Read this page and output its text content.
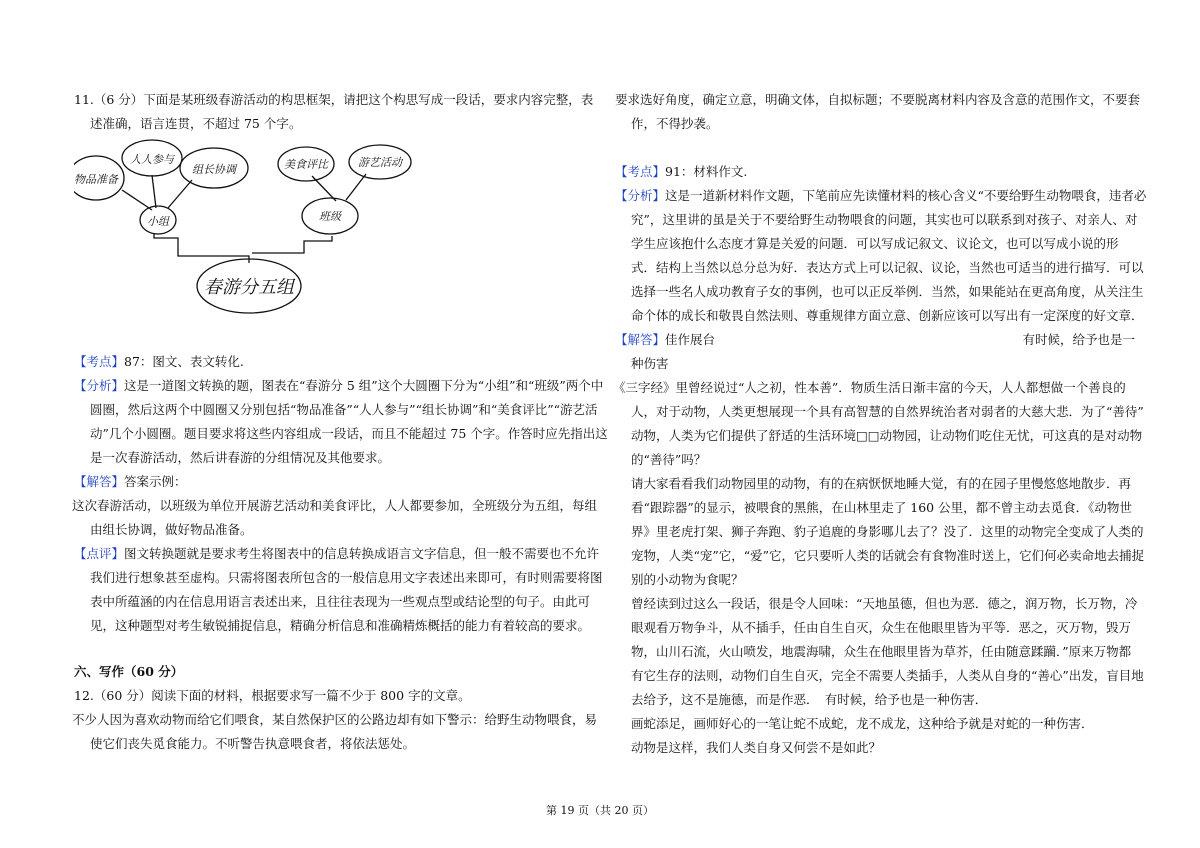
11.（6 分）下面是某班级春游活动的构思框架，请把这个构思写成一段话，要求内容完整，表
述准确，语言连贯，不超过 75 个字。
【考点】87：图文、表文转化.
【分析】这是一道图文转换的题，图表在“春游分 5 组”这个大圆圈下分为“小组”和“班级”两个中
圆圈，然后这两个中圆圈又分别包括“物品准备”“人人参与”“组长协调”和“美食评比”“游艺活
动”几个小圆圈。题目要求将这些内容组成一段话，而且不能超过 75 个字。作答时应先指出这
是一次春游活动，然后讲春游的分组情况及其他要求。
【解答】答案示例：
这次春游活动，以班级为单位开展游艺活动和美食评比，人人都要参加，全班级分为五组，每组
由组长协调，做好物品准备。
【点评】图文转换题就是要求考生将图表中的信息转换成语言文字信息，但一般不需要也不允许
我们进行想象甚至虚构。只需将图表所包含的一般信息用文字表述出来即可，有时则需要将图
表中所蕴涵的内在信息用语言表述出来，且往往表现为一些观点型或结论型的句子。由此可
见，这种题型对考生敏锐捕捉信息，精确分析信息和准确精炼概括的能力有着较高的要求。
六、写作（60 分）
12.（60 分）阅读下面的材料，根据要求写一篇不少于 800 字的文章。
不少人因为喜欢动物而给它们喂食，某自然保护区的公路边却有如下警示：给野生动物喂食，易
使它们丧失觅食能力。不听警告执意喂食者，将依法惩处。
物品准备
人人参与
组长协调	美食评比	游艺活动
小组	班级
春游分五组
要求选好角度，确定立意，明确文体，自拟标题；不要脱离材料内容及含意的范围作文，不要套
作，不得抄袭。
【考点】91：材料作文.
【分析】这是一道新材料作文题，下笔前应先读懂材料的核心含义“不要给野生动物喂食，违者必
究”，这里讲的虽是关于不要给野生动物喂食的问题，其实也可以联系到对孩子、对亲人、对
学生应该抱什么态度才算是关爱的问题．可以写成记叙文、议论文，也可以写成小说的形
式．结构上当然以总分总为好．表达方式上可以记叙、议论，当然也可适当的进行描写．可以
选择一些名人成功教育子女的事例，也可以正反举例．当然，如果能站在更高角度，从关注生
命个体的成长和敬畏自然法则、尊重规律方面立意、创新应该可以写出有一定深度的好文章．
【解答】佳作展台	有时候，给予也是一
种伤害
《三字经》里曾经说过“人之初，性本善”．物质生活日渐丰富的今天，人人都想做一个善良的
人，对于动物，人类更想展现一个具有高智慧的自然界统治者对弱者的大慈大悲．为了“善待”
动物，人类为它们提供了舒适的生活环境□□动物园，让动物们吃住无忧，可这真的是对动物
的“善待”吗？
请大家看看我们动物园里的动物，有的在病恹恹地睡大觉，有的在园子里慢悠悠地散步．再
看“跟踪器”的显示，被喂食的黑熊，在山林里走了 160 公里，都不曾主动去觅食．《动物世
界》里老虎打架、狮子奔跑、豹子追鹿的身影哪儿去了？没了．这里的动物完全变成了人类的
宠物，人类“宠”它，“爱”它，它只要听人类的话就会有食物准时送上，它们何必卖命地去捕捉
别的小动物为食呢？
曾经读到过这么一段话，很是令人回味：“天地虽德，但也为恶．德之，润万物，长万物，冷
眼观看万物争斗，从不插手，任由自生自灭，众生在他眼里皆为平等．恶之，灭万物，毁万
物，山川石流，火山喷发，地震海啸，众生在他眼里皆为草芥，任由随意蹂躏．”原来万物都
有它生存的法则，动物们自生自灭，完全不需要人类插手，人类从自身的“善心”出发，盲目地
去给予，这不是施德，而是作恶．　有时候，给予也是一种伤害．
画蛇添足，画师好心的一笔让蛇不成蛇，龙不成龙，这种给予就是对蛇的一种伤害．
动物是这样，我们人类自身又何尝不是如此？
第 19 页（共 20 页）
